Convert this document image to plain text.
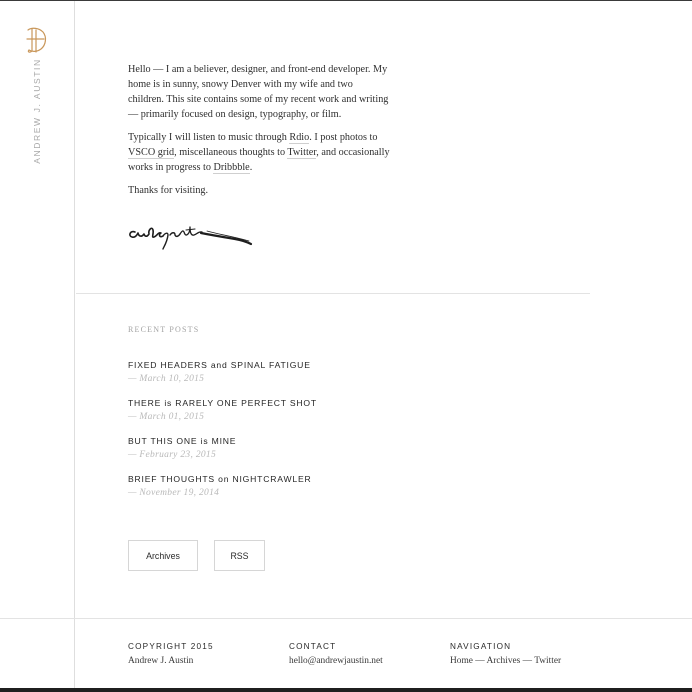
ANDREW J. AUSTIN	Hello — I am a believer, designer, and front-end developer. My home is in sunny, snowy Denver with my wife and two children. This site contains some of my recent work and writing — primarily focused on design, typography, or film.

Typically I will listen to music through Rdio. I post photos to VSCO grid, miscellaneous thoughts to Twitter, and occasionally works in progress to Dribbble.

Thanks for visiting.

RECENT POSTS
FIXED HEADERS and SPINAL FATIGUE
— March 10, 2015
THERE is RARELY ONE PERFECT SHOT
— March 01, 2015
BUT THIS ONE is MINE
— February 23, 2015
BRIEF THOUGHTS on NIGHTCRAWLER
— November 19, 2014
Archives	RSS
COPYRIGHT 2015
Andrew J. Austin
CONTACT
hello@andrewjaustin.net
NAVIGATION
Home — Archives — Twitter
